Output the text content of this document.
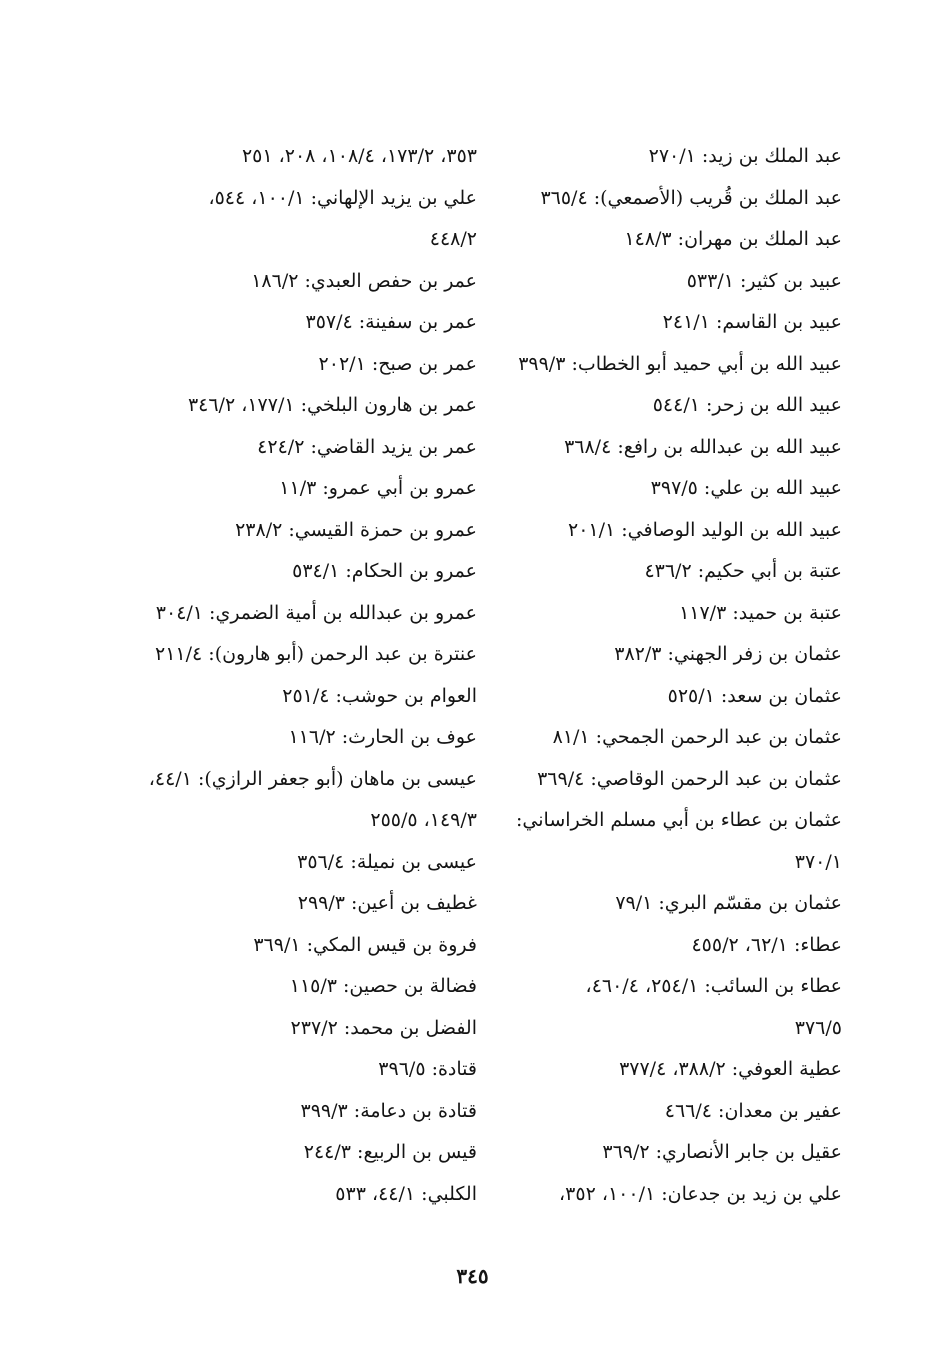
عبد الملك بن زيد: ٢٧٠/١
عبد الملك بن قُريب (الأصمعي): ٣٦٥/٤
عبد الملك بن مهران: ١٤٨/٣
عبيد بن كثير: ٥٣٣/١
عبيد بن القاسم: ٢٤١/١
عبيد الله بن أبي حميد أبو الخطاب: ٣٩٩/٣
عبيد الله بن زحر: ٥٤٤/١
عبيد الله بن عبدالله بن رافع: ٣٦٨/٤
عبيد الله بن علي: ٣٩٧/٥
عبيد الله بن الوليد الوصافي: ٢٠١/١
عتبة بن أبي حكيم: ٤٣٦/٢
عتبة بن حميد: ١١٧/٣
عثمان بن زفر الجهني: ٣٨٢/٣
عثمان بن سعد: ٥٢٥/١
عثمان بن عبد الرحمن الجمحي: ٨١/١
عثمان بن عبد الرحمن الوقاصي: ٣٦٩/٤
عثمان بن عطاء بن أبي مسلم الخراساني:
٣٧٠/١
عثمان بن مقسّم البري: ٧٩/١
عطاء: ٦٢/١، ٤٥٥/٢
عطاء بن السائب: ٢٥٤/١، ٤٦٠/٤،
٣٧٦/٥
عطية العوفي: ٣٨٨/٢، ٣٧٧/٤
عفير بن معدان: ٤٦٦/٤
عقيل بن جابر الأنصاري: ٣٦٩/٢
علي بن زيد بن جدعان: ١٠٠/١، ٣٥٢،
٣٥٣، ١٧٣/٢، ١٠٨/٤، ٢٠٨، ٢٥١
علي بن يزيد الإلهاني: ١٠٠/١، ٥٤٤،
٤٤٨/٢
عمر بن حفص العبدي: ١٨٦/٢
عمر بن سفينة: ٣٥٧/٤
عمر بن صبح: ٢٠٢/١
عمر بن هارون البلخي: ١٧٧/١، ٣٤٦/٢
عمر بن يزيد القاضي: ٤٢٤/٢
عمرو بن أبي عمرو: ١١/٣
عمرو بن حمزة القيسي: ٢٣٨/٢
عمرو بن الحكام: ٥٣٤/١
عمرو بن عبدالله بن أمية الضمري: ٣٠٤/١
عنترة بن عبد الرحمن (أبو هارون): ٢١١/٤
العوام بن حوشب: ٢٥١/٤
عوف بن الحارث: ١١٦/٢
عيسى بن ماهان (أبو جعفر الرازي): ٤٤/١،
١٤٩/٣، ٢٥٥/٥
عيسى بن نميلة: ٣٥٦/٤
غطيف بن أعين: ٢٩٩/٣
فروة بن قيس المكي: ٣٦٩/١
فضالة بن حصين: ١١٥/٣
الفضل بن محمد: ٢٣٧/٢
قتادة: ٣٩٦/٥
قتادة بن دعامة: ٣٩٩/٣
قيس بن الربيع: ٢٤٤/٣
الكلبي: ٤٤/١، ٥٣٣
٣٤٥
